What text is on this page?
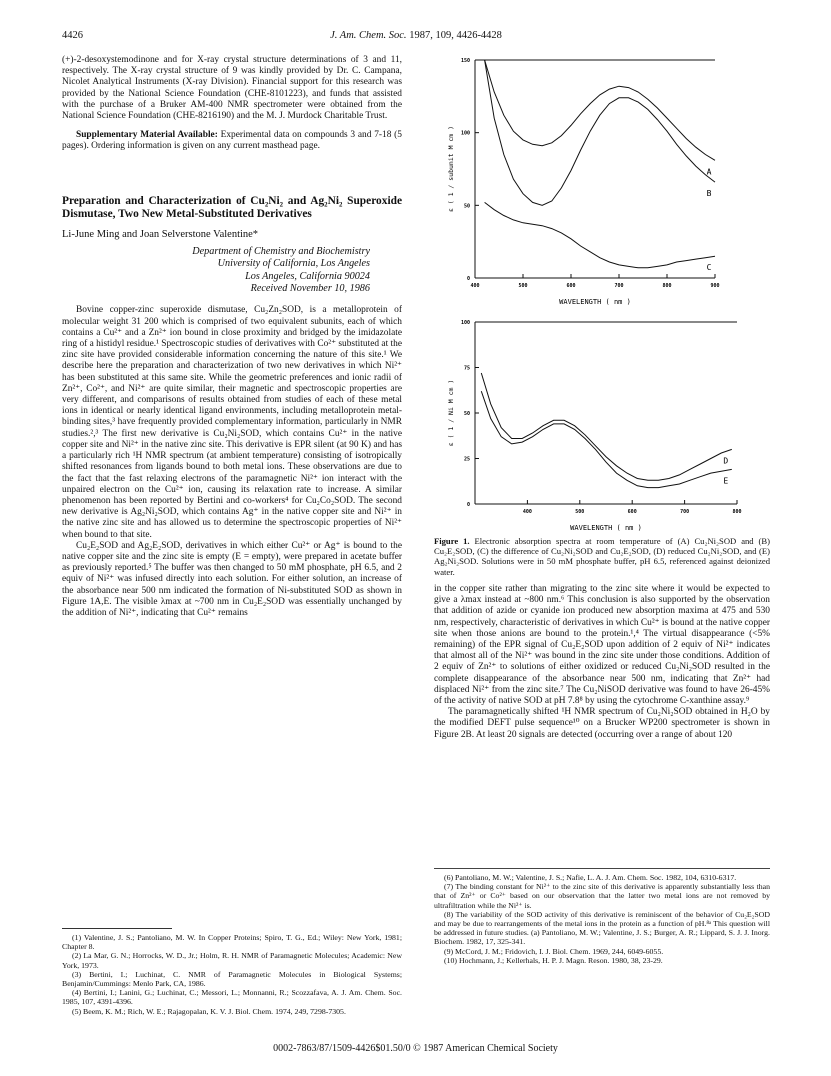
4426	J. Am. Chem. Soc. 1987, 109, 4426-4428

(+)-2-desoxystemodinone and for X-ray crystal structure determinations of 3 and 11, respectively. The X-ray crystal structure of 9 was kindly provided by Dr. C. Campana, Nicolet Analytical Instruments (X-ray Division). Financial support for this research was provided by the National Science Foundation (CHE-8101223), and funds that assisted with the purchase of a Bruker AM-400 NMR spectrometer were obtained from the National Science Foundation (CHE-8216190) and the M. J. Murdock Charitable Trust.

Supplementary Material Available: Experimental data on compounds 3 and 7-18 (5 pages). Ordering information is given on any current masthead page.

Preparation and Characterization of Cu₂Ni₂ and Ag₂Ni₂ Superoxide Dismutase, Two New Metal-Substituted Derivatives

Li-June Ming and Joan Selverstone Valentine*

Department of Chemistry and Biochemistry
University of California, Los Angeles
Los Angeles, California 90024
Received November 10, 1986

Bovine copper-zinc superoxide dismutase, Cu₂Zn₂SOD, is a metalloprotein of molecular weight 31 200 which is comprised of two equivalent subunits, each of which contains a Cu²⁺ and a Zn²⁺ ion bound in close proximity and bridged by the imidazolate ring of a histidyl residue.¹ Spectroscopic studies of derivatives with Co²⁺ substituted at the zinc site have provided considerable information concerning the nature of this site.¹ We describe here the preparation and characterization of two new derivatives in which Ni²⁺ has been substituted at this same site. While the geometric preferences and ionic radii of Zn²⁺, Co²⁺, and Ni²⁺ are quite similar, their magnetic and spectroscopic properties are very different, and comparisons of results obtained from studies of each of these metal ions in identical or nearly identical ligand environments, including metalloprotein metal-binding sites,³ have frequently provided complementary information, particularly in NMR studies.²,³ The first new derivative is Cu₂Ni₂SOD, which contains Cu²⁺ in the native copper site and Ni²⁺ in the native zinc site. This derivative is EPR silent (at 90 K) and has a particularly rich ¹H NMR spectrum (at ambient temperature) consisting of isotropically shifted resonances from ligands bound to both metal ions. These observations are due to the fact that the fast relaxing electrons of the paramagnetic Ni²⁺ ion interact with the unpaired electron on the Cu²⁺ ion, causing its relaxation rate to increase. A similar phenomenon has been reported by Bertini and co-workers⁴ for Cu₂Co₂SOD. The second new derivative is Ag₂Ni₂SOD, which contains Ag⁺ in the native copper site and Ni²⁺ in the native zinc site and has allowed us to determine the spectroscopic properties of Ni²⁺ when bound to that site.

Cu₂E₂SOD and Ag₂E₂SOD, derivatives in which either Cu²⁺ or Ag⁺ is bound to the native copper site and the zinc site is empty (E = empty), were prepared in acetate buffer as previously reported.⁵ The buffer was then changed to 50 mM phosphate, pH 6.5, and 2 equiv of Ni²⁺ was infused directly into each solution. For either solution, an increase of the absorbance near 500 nm indicated the formation of Ni-substituted SOD as shown in Figure 1A,E. The visible λmax at ~700 nm in Cu₂E₂SOD was essentially unchanged by the addition of Ni²⁺, indicating that Cu²⁺ remains

(1) Valentine, J. S.; Pantoliano, M. W. In Copper Proteins; Spiro, T. G., Ed.; Wiley: New York, 1981; Chapter 8.

(2) La Mar, G. N.; Horrocks, W. D., Jr.; Holm, R. H. NMR of Paramagnetic Molecules; Academic: New York, 1973.

(3) Bertini, I.; Luchinat, C. NMR of Paramagnetic Molecules in Biological Systems; Benjamin/Cummings: Menlo Park, CA, 1986.

(4) Bertini, I.; Lanini, G.; Luchinat, C.; Messori, L.; Monnanni, R.; Scozzafava, A. J. Am. Chem. Soc. 1985, 107, 4391-4396.

(5) Beem, K. M.; Rich, W. E.; Rajagopalan, K. V. J. Biol. Chem. 1974, 249, 7298-7305.

400	500	600	700	800	900
0
50
100
150
A
B
C
WAVELENGTH ( nm )
ε ( 1 / subunit M cm )
400	500	600	700	800
0
25
50
75
100
D
E
WAVELENGTH ( nm )
ε ( 1 / Ni M cm )
Figure 1. Electronic absorption spectra at room temperature of (A) Cu₂Ni₂SOD and (B) Cu₂E₂SOD, (C) the difference of Cu₂Ni₂SOD and Cu₂E₂SOD, (D) reduced Cu₂Ni₂SOD, and (E) Ag₂Ni₂SOD. Solutions were in 50 mM phosphate buffer, pH 6.5, referenced against deionized water.

in the copper site rather than migrating to the zinc site where it would be expected to give a λmax instead at ~800 nm.⁶ This conclusion is also supported by the observation that addition of azide or cyanide ion produced new absorption maxima at 475 and 530 nm, respectively, characteristic of derivatives in which Cu²⁺ is bound at the native copper site when those anions are bound to the protein.¹,⁴ The virtual disappearance (<5% remaining) of the EPR signal of Cu₂E₂SOD upon addition of 2 equiv of Ni²⁺ indicates that almost all of the Ni²⁺ was bound in the zinc site under those conditions. Addition of 2 equiv of Zn²⁺ to solutions of either oxidized or reduced Cu₂Ni₂SOD resulted in the complete disappearance of the absorbance near 500 nm, indicating that Zn²⁺ had displaced Ni²⁺ from the zinc site.⁷ The Cu₂NiSOD derivative was found to have 26-45% of the activity of native SOD at pH 7.8⁸ by using the cytochrome C-xanthine assay.⁹

The paramagnetically shifted ¹H NMR spectrum of Cu₂Ni₂SOD obtained in H₂O by the modified DEFT pulse sequence¹⁰ on a Brucker WP200 spectrometer is shown in Figure 2B. At least 20 signals are detected (occurring over a range of about 120

(6) Pantoliano, M. W.; Valentine, J. S.; Nafie, L. A. J. Am. Chem. Soc. 1982, 104, 6310-6317.

(7) The binding constant for Ni²⁺ to the zinc site of this derivative is apparently substantially less than that of Zn²⁺ or Co²⁺ based on our observation that the latter two metal ions are not removed by ultrafiltration while the Ni²⁺ is.

(8) The variability of the SOD activity of this derivative is reminiscent of the behavior of Cu₂E₂SOD and may be due to rearrangements of the metal ions in the protein as a function of pH.⁸ᵃ This question will be addressed in future studies. (a) Pantoliano, M. W.; Valentine, J. S.; Burger, A. R.; Lippard, S. J. J. Inorg. Biochem. 1982, 17, 325-341.

(9) McCord, J. M.; Fridovich, I. J. Biol. Chem. 1969, 244, 6049-6055.

(10) Hochmann, J.; Kellerhals, H. P. J. Magn. Reson. 1980, 38, 23-29.

0002-7863/87/1509-4426$01.50/0 © 1987 American Chemical Society
